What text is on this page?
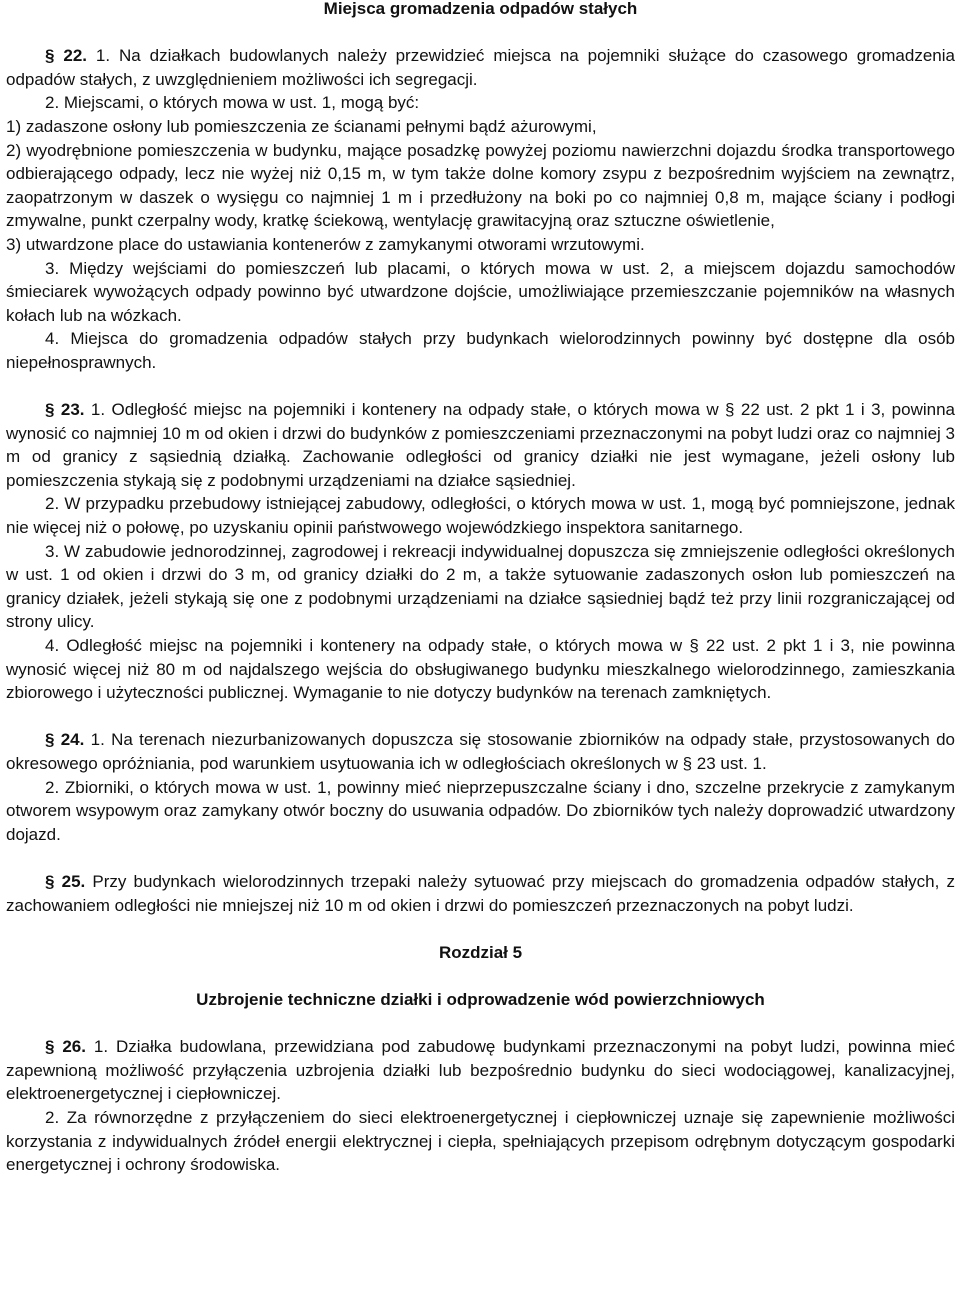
Miejsca gromadzenia odpadów stałych

§ 22. 1. Na działkach budowlanych należy przewidzieć miejsca na pojemniki służące do czasowego gromadzenia odpadów stałych, z uwzględnieniem możliwości ich segregacji.

2. Miejscami, o których mowa w ust. 1, mogą być:

1) zadaszone osłony lub pomieszczenia ze ścianami pełnymi bądź ażurowymi,

2) wyodrębnione pomieszczenia w budynku, mające posadzkę powyżej poziomu nawierzchni dojazdu środka transportowego odbierającego odpady, lecz nie wyżej niż 0,15 m, w tym także dolne komory zsypu z bezpośrednim wyjściem na zewnątrz, zaopatrzonym w daszek o wysięgu co najmniej 1 m i przedłużony na boki po co najmniej 0,8 m, mające ściany i podłogi zmywalne, punkt czerpalny wody, kratkę ściekową, wentylację grawitacyjną oraz sztuczne oświetlenie,

3) utwardzone place do ustawiania kontenerów z zamykanymi otworami wrzutowymi.

3. Między wejściami do pomieszczeń lub placami, o których mowa w ust. 2, a miejscem dojazdu samochodów śmieciarek wywożących odpady powinno być utwardzone dojście, umożliwiające przemieszczanie pojemników na własnych kołach lub na wózkach.

4. Miejsca do gromadzenia odpadów stałych przy budynkach wielorodzinnych powinny być dostępne dla osób niepełnosprawnych.

§ 23. 1. Odległość miejsc na pojemniki i kontenery na odpady stałe, o których mowa w § 22 ust. 2 pkt 1 i 3, powinna wynosić co najmniej 10 m od okien i drzwi do budynków z pomieszczeniami przeznaczonymi na pobyt ludzi oraz co najmniej 3 m od granicy z sąsiednią działką. Zachowanie odległości od granicy działki nie jest wymagane, jeżeli osłony lub pomieszczenia stykają się z podobnymi urządzeniami na działce sąsiedniej.

2. W przypadku przebudowy istniejącej zabudowy, odległości, o których mowa w ust. 1, mogą być pomniejszone, jednak nie więcej niż o połowę, po uzyskaniu opinii państwowego wojewódzkiego inspektora sanitarnego.

3. W zabudowie jednorodzinnej, zagrodowej i rekreacji indywidualnej dopuszcza się zmniejszenie odległości określonych w ust. 1 od okien i drzwi do 3 m, od granicy działki do 2 m, a także sytuowanie zadaszonych osłon lub pomieszczeń na granicy działek, jeżeli stykają się one z podobnymi urządzeniami na działce sąsiedniej bądź też przy linii rozgraniczającej od strony ulicy.

4. Odległość miejsc na pojemniki i kontenery na odpady stałe, o których mowa w § 22 ust. 2 pkt 1 i 3, nie powinna wynosić więcej niż 80 m od najdalszego wejścia do obsługiwanego budynku mieszkalnego wielorodzinnego, zamieszkania zbiorowego i użyteczności publicznej. Wymaganie to nie dotyczy budynków na terenach zamkniętych.

§ 24. 1. Na terenach niezurbanizowanych dopuszcza się stosowanie zbiorników na odpady stałe, przystosowanych do okresowego opróżniania, pod warunkiem usytuowania ich w odległościach określonych w § 23 ust. 1.

2. Zbiorniki, o których mowa w ust. 1, powinny mieć nieprzepuszczalne ściany i dno, szczelne przekrycie z zamykanym otworem wsypowym oraz zamykany otwór boczny do usuwania odpadów. Do zbiorników tych należy doprowadzić utwardzony dojazd.

§ 25. Przy budynkach wielorodzinnych trzepaki należy sytuować przy miejscach do gromadzenia odpadów stałych, z zachowaniem odległości nie mniejszej niż 10 m od okien i drzwi do pomieszczeń przeznaczonych na pobyt ludzi.

Rozdział 5

Uzbrojenie techniczne działki i odprowadzenie wód powierzchniowych

§ 26. 1. Działka budowlana, przewidziana pod zabudowę budynkami przeznaczonymi na pobyt ludzi, powinna mieć zapewnioną możliwość przyłączenia uzbrojenia działki lub bezpośrednio budynku do sieci wodociągowej, kanalizacyjnej, elektroenergetycznej i ciepłowniczej.

2. Za równorzędne z przyłączeniem do sieci elektroenergetycznej i ciepłowniczej uznaje się zapewnienie możliwości korzystania z indywidualnych źródeł energii elektrycznej i ciepła, spełniających przepisom odrębnym dotyczącym gospodarki energetycznej i ochrony środowiska.
